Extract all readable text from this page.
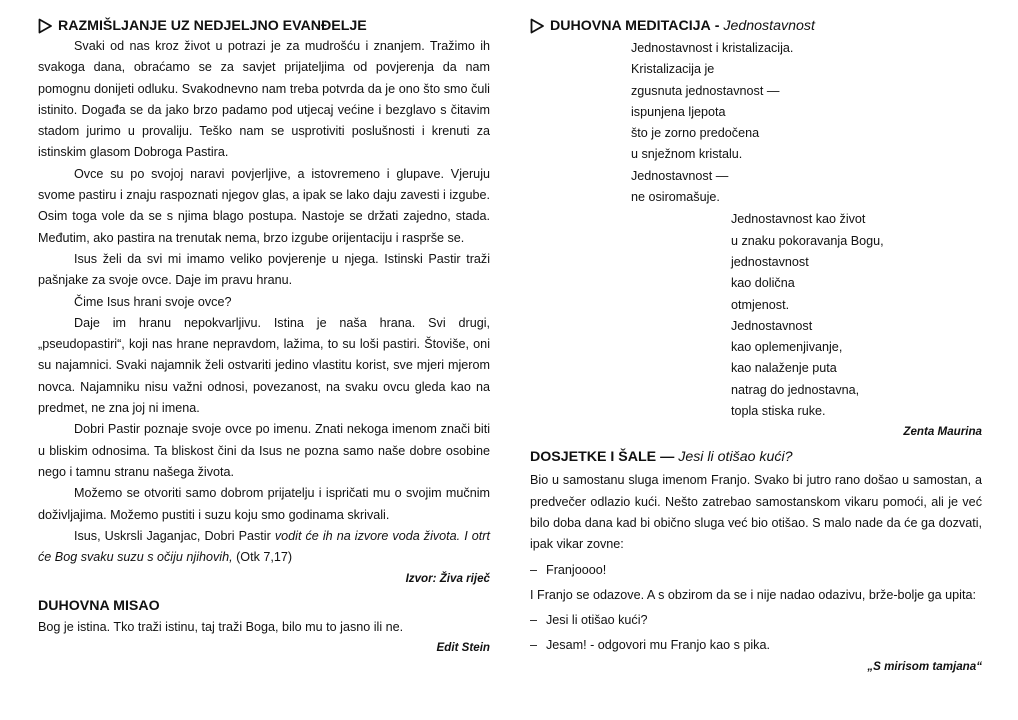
RAZMIŠLJANJE UZ NEDJELJNO EVANĐELJE

Svaki od nas kroz život u potrazi je za mudrošću i znanjem. Tražimo ih svakoga dana, obraćamo se za savjet prijateljima od povjerenja da nam pomognu donijeti odluku. Svakodnevno nam treba potvrda da je ono što smo čuli istinito. Događa se da jako brzo padamo pod utjecaj većine i bezglavo s čitavim stadom jurimo u provaliju. Teško nam se usprotiviti poslušnosti i krenuti za istinskim glasom Dobroga Pastira.

Ovce su po svojoj naravi povjerljive, a istovremeno i glupave. Vjeruju svome pastiru i znaju raspoznati njegov glas, a ipak se lako daju zavesti i izgube. Osim toga vole da se s njima blago postupa. Nastoje se držati zajedno, stada. Međutim, ako pastira na trenutak nema, brzo izgube orijentaciju i rasprše se.

Isus želi da svi mi imamo veliko povjerenje u njega. Istinski Pastir traži pašnjake za svoje ovce. Daje im pravu hranu.

Čime Isus hrani svoje ovce?

Daje im hranu nepokvarljivu. Istina je naša hrana. Svi drugi, „pseudopastiri“, koji nas hrane nepravdom, lažima, to su loši pastiri. Štoviše, oni su najamnici. Svaki najamnik želi ostvariti jedino vlastitu korist, sve mjeri mjerom novca. Najamniku nisu važni odnosi, povezanost, na svaku ovcu gleda kao na predmet, ne zna joj ni imena.

Dobri Pastir poznaje svoje ovce po imenu. Znati nekoga imenom znači biti u bliskim odnosima. Ta bliskost čini da Isus ne pozna samo naše dobre osobine nego i tamnu stranu našega života.

Možemo se otvoriti samo dobrom prijatelju i ispričati mu o svojim mučnim doživljajima. Možemo pustiti i suzu koju smo godinama skrivali.

Isus, Uskrsli Jaganjac, Dobri Pastir vodit će ih na izvore voda života. I otrt će Bog svaku suzu s očiju njihovih, (Otk 7,17)

Izvor: Živa riječ

DUHOVNA MISAO

Bog je istina. Tko traži istinu, taj traži Boga, bilo mu to jasno ili ne.

Edit Stein

DUHOVNA MEDITACIJA - Jednostavnost
Jednostavnost i kristalizacija.
Kristalizacija je
zgusnuta jednostavnost —
ispunjena ljepota
što je zorno predočena
u snježnom kristalu.
Jednostavnost —
ne osiromašuje.
Jednostavnost kao život
u znaku pokoravanja Bogu,
jednostavnost
kao dolična
otmjenost.
Jednostavnost
kao oplemenjivanje,
kao nalaženje puta
natrag do jednostavna,
topla stiska ruke.

Zenta Maurina

DOSJETKE I ŠALE —
Jesi li otišao kući?

Bio u samostanu sluga imenom Franjo. Svako bi jutro rano došao u samostan, a predvečer odlazio kući. Nešto zatrebao samostanskom vikaru pomoći, ali je već bilo doba dana kad bi obično sluga već bio otišao. S malo nade da će ga dozvati, ipak vikar zovne:

– Franjoooo!

I Franjo se odazove. A s obzirom da se i nije nadao odazivu, brže-bolje ga upita:

– Jesi li otišao kući?
– Jesam! - odgovori mu Franjo kao s pika.

„S mirisom tamjana“
